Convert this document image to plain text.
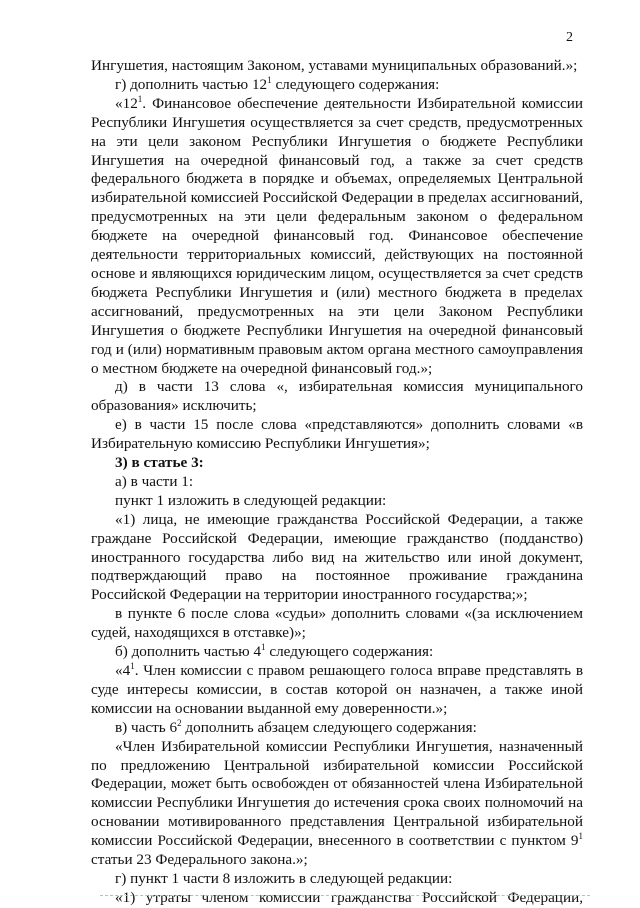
2

Ингушетия, настоящим Законом, уставами муниципальных образований.»;

г) дополнить частью $12^1$ следующего содержания:

«$12^1$. Финансовое обеспечение деятельности Избирательной комиссии Республики Ингушетия осуществляется за счет средств, предусмотренных на эти цели законом Республики Ингушетия о бюджете Республики Ингушетия на очередной финансовый год, а также за счет средств федерального бюджета в порядке и объемах, определяемых Центральной избирательной комиссией Российской Федерации в пределах ассигнований, предусмотренных на эти цели федеральным законом о федеральном бюджете на очередной финансовый год. Финансовое обеспечение деятельности территориальных комиссий, действующих на постоянной основе и являющихся юридическим лицом, осуществляется за счет средств бюджета Республики Ингушетия и (или) местного бюджета в пределах ассигнований, предусмотренных на эти цели Законом Республики Ингушетия о бюджете Республики Ингушетия на очередной финансовый год и (или) нормативным правовым актом органа местного самоуправления о местном бюджете на очередной финансовый год.»;

д) в части 13 слова «, избирательная комиссия муниципального образования» исключить;

е) в части 15 после слова «представляются» дополнить словами «в Избирательную комиссию Республики Ингушетия»;

3) в статье 3:

а) в части 1:

пункт 1 изложить в следующей редакции:

«1) лица, не имеющие гражданства Российской Федерации, а также граждане Российской Федерации, имеющие гражданство (подданство) иностранного государства либо вид на жительство или иной документ, подтверждающий право на постоянное проживание гражданина Российской Федерации на территории иностранного государства;»;

в пункте 6 после слова «судьи» дополнить словами «(за исключением судей, находящихся в отставке)»;

б) дополнить частью $4^1$ следующего содержания:

«$4^1$. Член комиссии с правом решающего голоса вправе представлять в суде интересы комиссии, в состав которой он назначен, а также иной комиссии на основании выданной ему доверенности.»;

в) часть $6^2$ дополнить абзацем следующего содержания:

«Член Избирательной комиссии Республики Ингушетия, назначенный по предложению Центральной избирательной комиссии Российской Федерации, может быть освобожден от обязанностей члена Избирательной комиссии Республики Ингушетия до истечения срока своих полномочий на основании мотивированного представления Центральной избирательной комиссии Российской Федерации, внесенного в соответствии с пунктом $9^1$ статьи 23 Федерального закона.»;

г) пункт 1 части 8 изложить в следующей редакции:

«1) утраты членом комиссии гражданства Российской Федерации,
